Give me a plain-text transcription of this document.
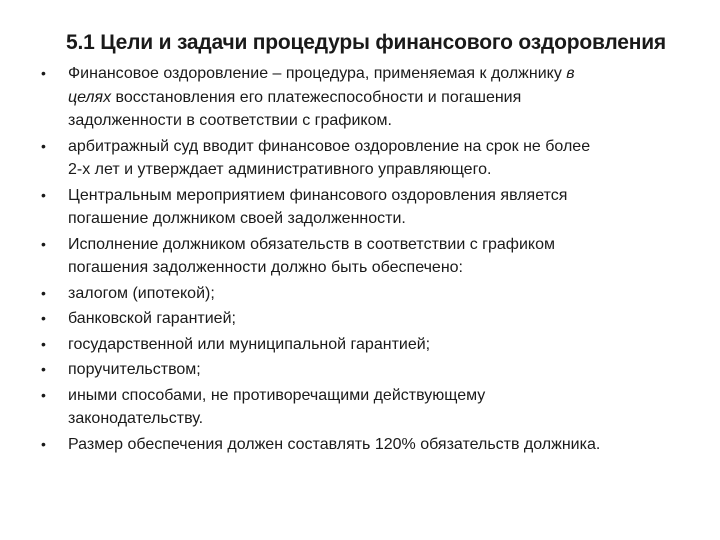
5.1 Цели и задачи процедуры финансового оздоровления
• Финансовое оздоровление – процедура, применяемая к должнику в
целях восстановления его платежеспособности и погашения
задолженности в соответствии с графиком.
• арбитражный суд вводит финансовое оздоровление на срок не более
2-х лет и утверждает административного управляющего.
• Центральным мероприятием финансового оздоровления является
погашение должником своей задолженности.
• Исполнение должником обязательств в соответствии с графиком
погашения задолженности должно быть обеспечено:
• залогом (ипотекой);
• банковской гарантией;
• государственной или муниципальной гарантией;
• поручительством;
• иными способами, не противоречащими действующему
законодательству.
• Размер обеспечения должен составлять 120% обязательств должника.
